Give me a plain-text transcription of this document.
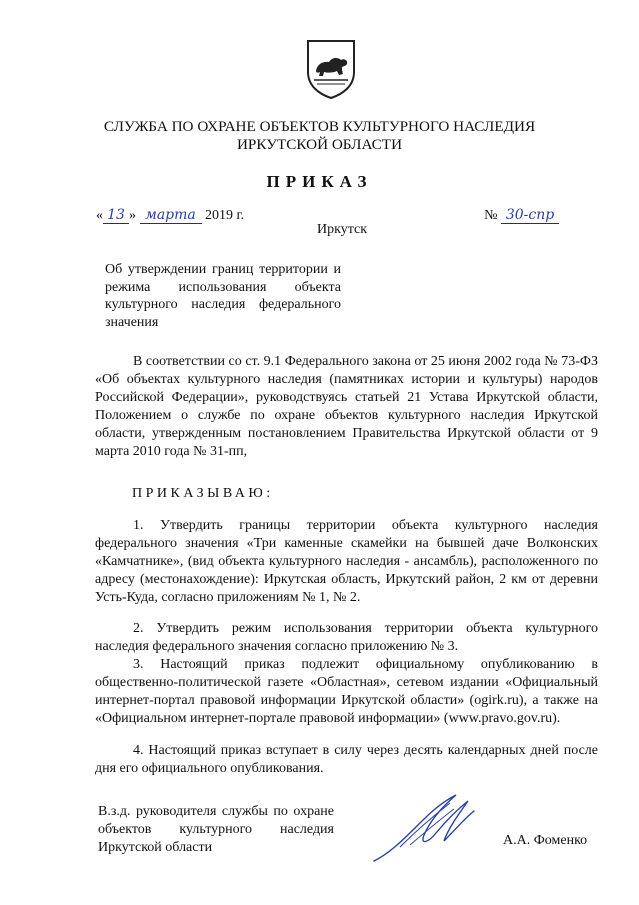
СЛУЖБА ПО ОХРАНЕ ОБЪЕКТОВ КУЛЬТУРНОГО НАСЛЕДИЯ
ИРКУТСКОЙ ОБЛАСТИ
ПРИКАЗ
« 13 » марта 2019 г.	№ 30-спр
Иркутск
Об утверждении границ территории и режима использования объекта культурного наследия федерального значения
В соответствии со ст. 9.1 Федерального закона от 25 июня 2002 года № 73-ФЗ «Об объектах культурного наследия (памятниках истории и культуры) народов Российской Федерации», руководствуясь статьей 21 Устава Иркутской области, Положением о службе по охране объектов культурного наследия Иркутской области, утвержденным постановлением Правительства Иркутской области от 9 марта 2010 года № 31-пп,
ПРИКАЗЫВАЮ:
1. Утвердить границы территории объекта культурного наследия федерального значения «Три каменные скамейки на бывшей даче Волконских «Камчатнике», (вид объекта культурного наследия - ансамбль), расположенного по адресу (местонахождение): Иркутская область, Иркутский район, 2 км от деревни Усть-Куда, согласно приложениям № 1, № 2.
2. Утвердить режим использования территории объекта культурного наследия федерального значения согласно приложению № 3.
3. Настоящий приказ подлежит официальному опубликованию в общественно-политической газете «Областная», сетевом издании «Официальный интернет-портал правовой информации Иркутской области» (ogirk.ru), а также на «Официальном интернет-портале правовой информации» (www.pravo.gov.ru).
4. Настоящий приказ вступает в силу через десять календарных дней после дня его официального опубликования.
В.з.д. руководителя службы по охране объектов культурного наследия Иркутской области	А.А. Фоменко
